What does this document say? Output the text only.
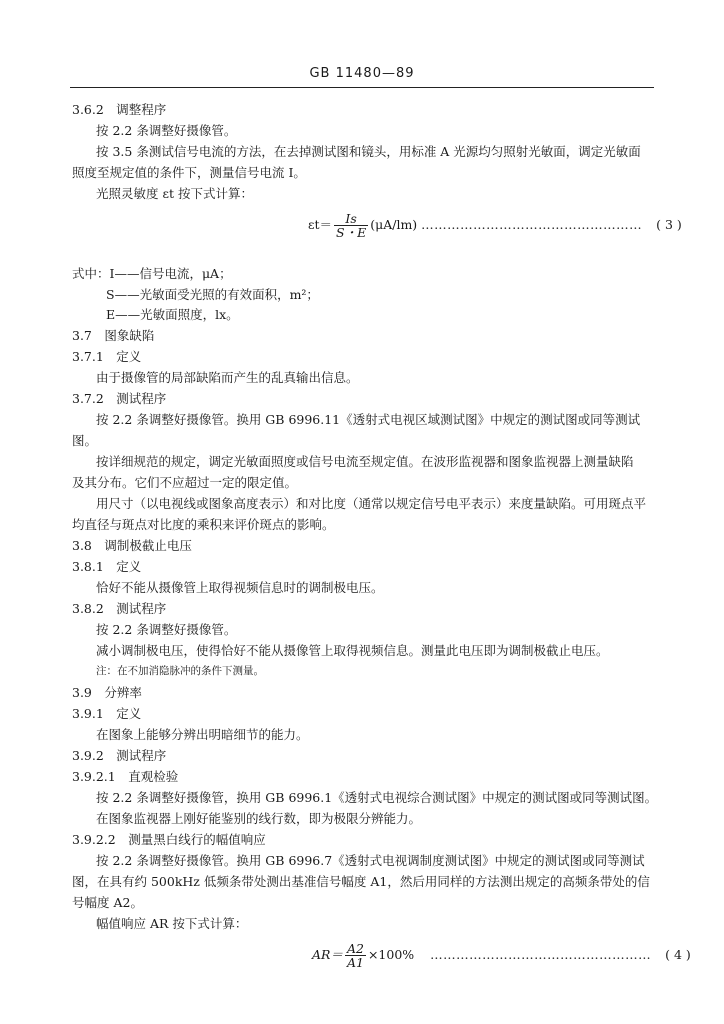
GB 11480—89
3.6.2　调整程序
按 2.2 条调整好摄像管。
按 3.5 条测试信号电流的方法，在去掉测试图和镜头，用标准 A 光源均匀照射光敏面，调定光敏面
照度至规定值的条件下，测量信号电流 I。
光照灵敏度 εt 按下式计算：
$\varepsilon t= \frac{Is}{S・E} (\mu A/lm)$ …………………………………………… ( 3 )
式中：I——信号电流，μA；
S——光敏面受光照的有效面积，m²；
E——光敏面照度，lx。
3.7　图象缺陷
3.7.1　定义
由于摄像管的局部缺陷而产生的乱真输出信息。
3.7.2　测试程序
按 2.2 条调整好摄像管。换用 GB 6996.11《透射式电视区域测试图》中规定的测试图或同等测试
图。
按详细规范的规定，调定光敏面照度或信号电流至规定值。在波形监视器和图象监视器上测量缺陷
及其分布。它们不应超过一定的限定值。
用尺寸（以电视线或图象高度表示）和对比度（通常以规定信号电平表示）来度量缺陷。可用斑点平
均直径与斑点对比度的乘积来评价斑点的影响。
3.8　调制极截止电压
3.8.1　定义
恰好不能从摄像管上取得视频信息时的调制极电压。
3.8.2　测试程序
按 2.2 条调整好摄像管。
减小调制极电压，使得恰好不能从摄像管上取得视频信息。测量此电压即为调制极截止电压。
注：在不加消隐脉冲的条件下测量。
3.9　分辨率
3.9.1　定义
在图象上能够分辨出明暗细节的能力。
3.9.2　测试程序
3.9.2.1　直观检验
按 2.2 条调整好摄像管，换用 GB 6996.1《透射式电视综合测试图》中规定的测试图或同等测试图。
在图象监视器上刚好能鉴别的线行数，即为极限分辨能力。
3.9.2.2　测量黑白线行的幅值响应
按 2.2 条调整好摄像管。换用 GB 6996.7《透射式电视调制度测试图》中规定的测试图或同等测试
图，在具有约 500kHz 低频条带处测出基准信号幅度 A1，然后用同样的方法测出规定的高频条带处的信
号幅度 A2。
幅值响应 AR 按下式计算：
$AR= \frac{A2}{A1} \times 100\%$ …………………………………………… ( 4 )
